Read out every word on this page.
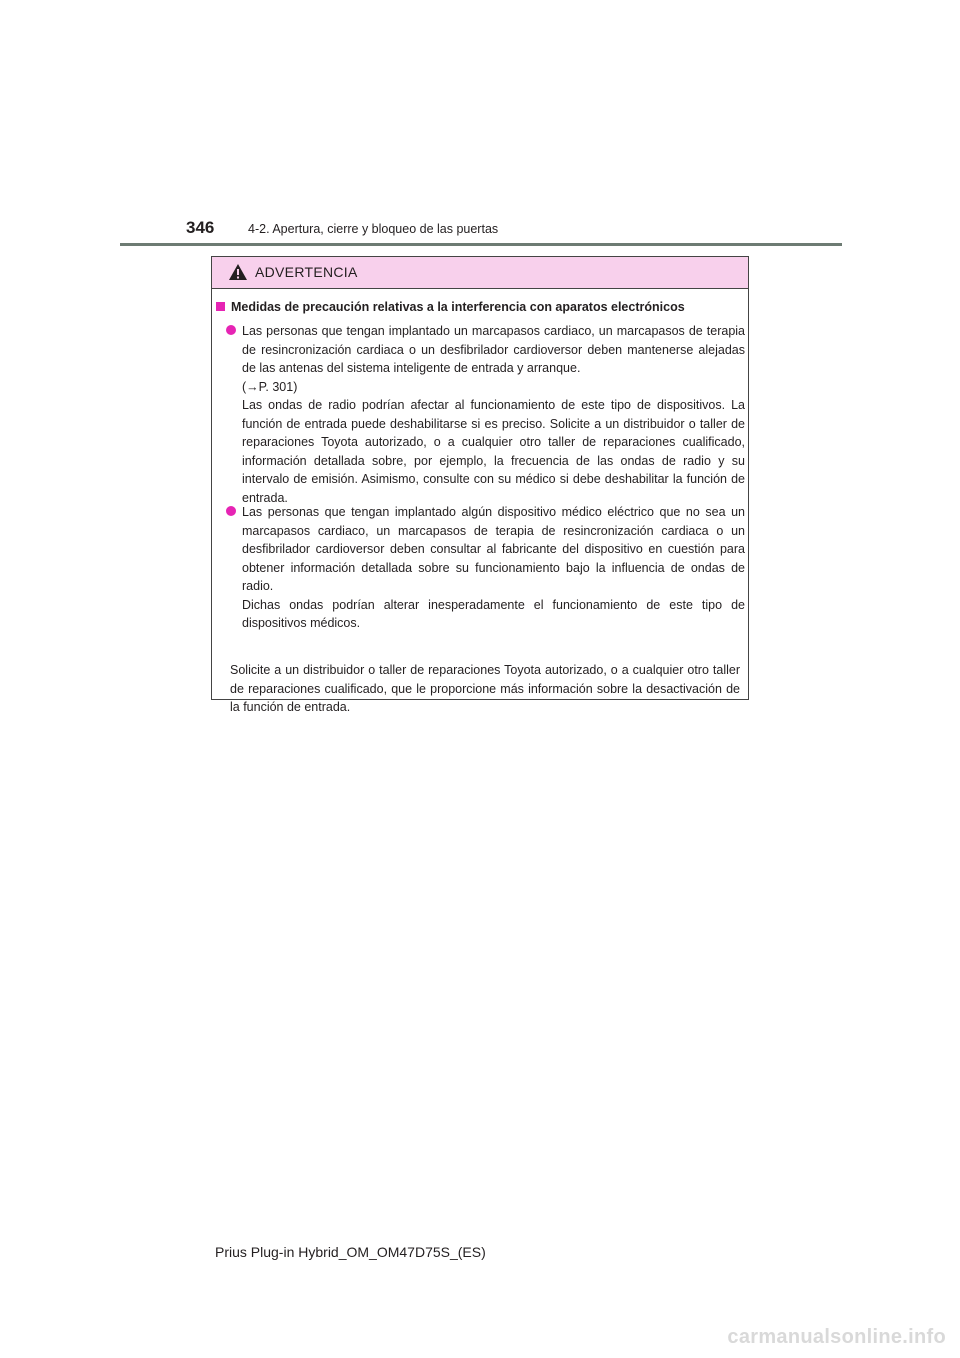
346	4-2. Apertura, cierre y bloqueo de las puertas
ADVERTENCIA
Medidas de precaución relativas a la interferencia con aparatos electrónicos

Las personas que tengan implantado un marcapasos cardiaco, un marcapasos de terapia de resincronización cardiaca o un desfibrilador cardioversor deben mantenerse alejadas de las antenas del sistema inteligente de entrada y arranque.

(→P. 301)

Las ondas de radio podrían afectar al funcionamiento de este tipo de dispositivos. La función de entrada puede deshabilitarse si es preciso. Solicite a un distribuidor o taller de reparaciones Toyota autorizado, o a cualquier otro taller de reparaciones cualificado, información detallada sobre, por ejemplo, la frecuencia de las ondas de radio y su intervalo de emisión. Asimismo, consulte con su médico si debe deshabilitar la función de entrada.

Las personas que tengan implantado algún dispositivo médico eléctrico que no sea un marcapasos cardiaco, un marcapasos de terapia de resincronización cardiaca o un desfibrilador cardioversor deben consultar al fabricante del dispositivo en cuestión para obtener información detallada sobre su funcionamiento bajo la influencia de ondas de radio.

Dichas ondas podrían alterar inesperadamente el funcionamiento de este tipo de dispositivos médicos.

Solicite a un distribuidor o taller de reparaciones Toyota autorizado, o a cualquier otro taller de reparaciones cualificado, que le proporcione más información sobre la desactivación de la función de entrada.
Prius Plug-in Hybrid_OM_OM47D75S_(ES)
carmanualsonline.info
